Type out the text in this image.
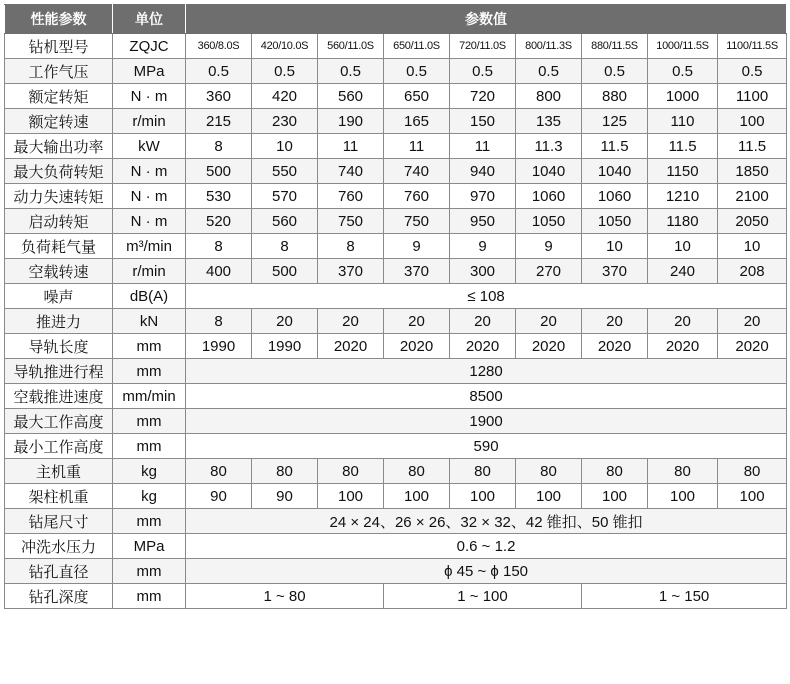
性能参数	单位	参数值								
钻机型号	ZQJC	360/8.0S	420/10.0S	560/11.0S	650/11.0S	720/11.0S	800/11.3S	880/11.5S	1000/11.5S	1100/11.5S
工作气压	MPa	0.5	0.5	0.5	0.5	0.5	0.5	0.5	0.5	0.5
额定转矩	N · m	360	420	560	650	720	800	880	1000	1100
额定转速	r/min	215	230	190	165	150	135	125	110	100
最大输出功率	kW	8	10	11	11	11	11.3	11.5	11.5	11.5
最大负荷转矩	N · m	500	550	740	740	940	1040	1040	1150	1850
动力失速转矩	N · m	530	570	760	760	970	1060	1060	1210	2100
启动转矩	N · m	520	560	750	750	950	1050	1050	1180	2050
负荷耗气量	m³/min	8	8	8	9	9	9	10	10	10
空载转速	r/min	400	500	370	370	300	270	370	240	208
噪声	dB(A)	≤ 108								
推进力	kN	8	20	20	20	20	20	20	20	20
导轨长度	mm	1990	1990	2020	2020	2020	2020	2020	2020	2020
导轨推进行程	mm	1280								
空载推进速度	mm/min	8500								
最大工作高度	mm	1900								
最小工作高度	mm	590								
主机重	kg	80	80	80	80	80	80	80	80	80
架柱机重	kg	90	90	100	100	100	100	100	100	100
钻尾尺寸	mm	24 × 24、26 × 26、32 × 32、42 锥扣、50 锥扣								
冲洗水压力	MPa	0.6 ~ 1.2								
钻孔直径	mm	ϕ 45 ~ ϕ 150								
钻孔深度	mm	1 ~ 80			1 ~ 100			1 ~ 150		
